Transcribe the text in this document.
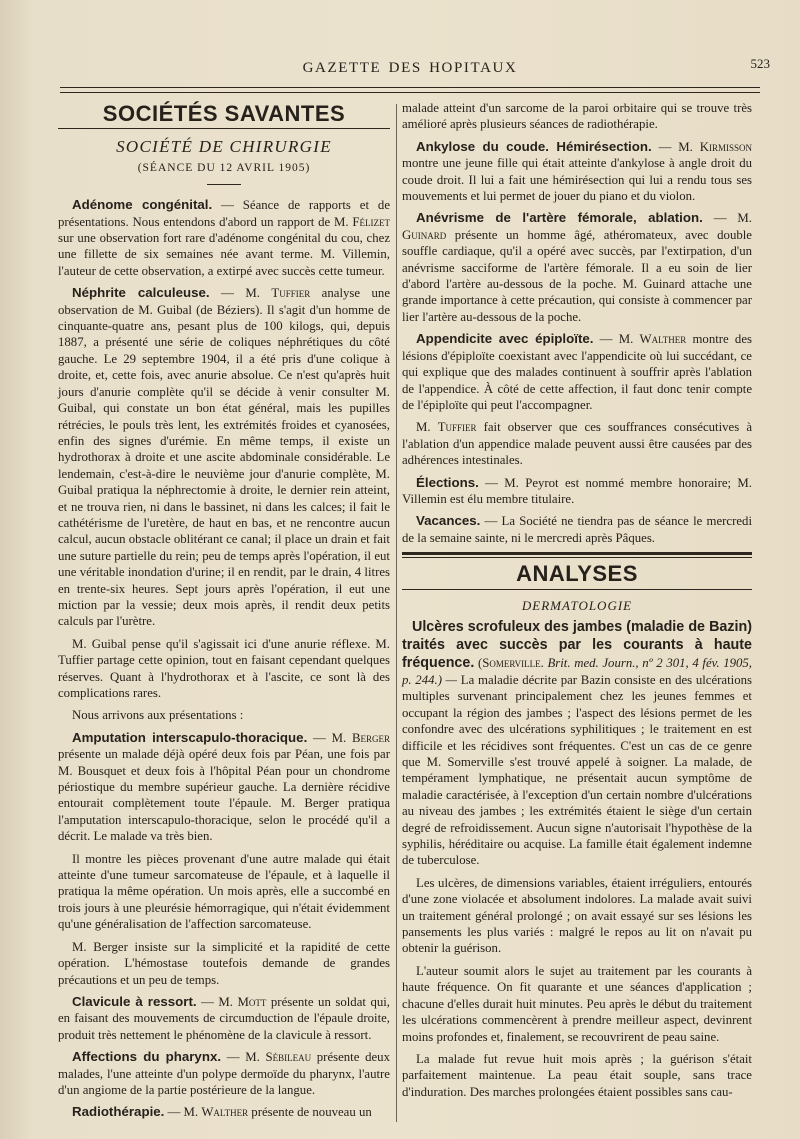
GAZETTE DES HOPITAUX	523
SOCIÉTÉS SAVANTES
SOCIÉTÉ DE CHIRURGIE
(SÉANCE DU 12 AVRIL 1905)

Adénome congénital. — Séance de rapports et de présentations. Nous entendons d'abord un rapport de M. Félizet sur une observation fort rare d'adénome congénital du cou, chez une fillette de six semaines née avant terme. M. Villemin, l'auteur de cette observation, a extirpé avec succès cette tumeur.

Néphrite calculeuse. — M. Tuffier analyse une observation de M. Guibal (de Béziers). Il s'agit d'un homme de cinquante-quatre ans, pesant plus de 100 kilogs, qui, depuis 1887, a présenté une série de coliques néphrétiques du côté gauche. Le 29 septembre 1904, il a été pris d'une colique à droite, et, cette fois, avec anurie absolue. Ce n'est qu'après huit jours d'anurie complète qu'il se décide à venir consulter M. Guibal, qui constate un bon état général, mais les pupilles rétrécies, le pouls très lent, les extrémités froides et cyanosées, enfin des signes d'urémie. En même temps, il existe un hydrothorax à droite et une ascite abdominale considérable. Le lendemain, c'est-à-dire le neuvième jour d'anurie complète, M. Guibal pratiqua la néphrectomie à droite, le dernier rein atteint, et ne trouva rien, ni dans le bassinet, ni dans les calces; il fait le cathétérisme de l'uretère, de haut en bas, et ne rencontre aucun calcul, aucun obstacle oblitérant ce canal; il place un drain et fait une suture partielle du rein; peu de temps après l'opération, il eut une véritable inondation d'urine; il en rendit, par le drain, 4 litres en trente-six heures. Sept jours après l'opération, il eut une miction par la vessie; deux mois après, il rendit deux petits calculs par l'urètre.

M. Guibal pense qu'il s'agissait ici d'une anurie réflexe. M. Tuffier partage cette opinion, tout en faisant cependant quelques réserves. Quant à l'hydrothorax et à l'ascite, ce sont là des complications rares.

Nous arrivons aux présentations :

Amputation interscapulo-thoracique. — M. Berger présente un malade déjà opéré deux fois par Péan, une fois par M. Bousquet et deux fois à l'hôpital Péan pour un chondrome périostique du membre supérieur gauche. La dernière récidive entourait complètement toute l'épaule. M. Berger pratiqua l'amputation interscapulo-thoracique, selon le procédé qu'il a décrit. Le malade va très bien.

Il montre les pièces provenant d'une autre malade qui était atteinte d'une tumeur sarcomateuse de l'épaule, et à laquelle il pratiqua la même opération. Un mois après, elle a succombé en trois jours à une pleurésie hémorragique, qui n'était évidemment qu'une généralisation de l'affection sarcomateuse.

M. Berger insiste sur la simplicité et la rapidité de cette opération. L'hémostase toutefois demande de grandes précautions et un peu de temps.

Clavicule à ressort. — M. Mott présente un soldat qui, en faisant des mouvements de circumduction de l'épaule droite, produit très nettement le phénomène de la clavicule à ressort.

Affections du pharynx. — M. Sébileau présente deux malades, l'une atteinte d'un polype dermoïde du pharynx, l'autre d'un angiome de la partie postérieure de la langue.

Radiothérapie. — M. Walther présente de nouveau un

malade atteint d'un sarcome de la paroi orbitaire qui se trouve très amélioré après plusieurs séances de radiothérapie.

Ankylose du coude. Hémirésection. — M. Kirmisson montre une jeune fille qui était atteinte d'ankylose à angle droit du coude droit. Il lui a fait une hémirésection qui lui a rendu tous ses mouvements et lui permet de jouer du piano et du violon.

Anévrisme de l'artère fémorale, ablation. — M. Guinard présente un homme âgé, athéromateux, avec double souffle cardiaque, qu'il a opéré avec succès, par l'extirpation, d'un anévrisme sacciforme de l'artère fémorale. Il a eu soin de lier d'abord l'artère au-dessous de la poche. M. Guinard attache une grande importance à cette précaution, qui consiste à commencer par lier l'artère au-dessous de la poche.

Appendicite avec épiploïte. — M. Walther montre des lésions d'épiploïte coexistant avec l'appendicite où lui succédant, ce qui explique que des malades continuent à souffrir après l'ablation de l'appendice. À côté de cette affection, il faut donc tenir compte de l'épiploïte qui peut l'accompagner.

M. Tuffier fait observer que ces souffrances consécutives à l'ablation d'un appendice malade peuvent aussi être causées par des adhérences intestinales.

Élections. — M. Peyrot est nommé membre honoraire; M. Villemin est élu membre titulaire.

Vacances. — La Société ne tiendra pas de séance le mercredi de la semaine sainte, ni le mercredi après Pâques.

ANALYSES
DERMATOLOGIE

Ulcères scrofuleux des jambes (maladie de Bazin) traités avec succès par les courants à haute fréquence. (Somerville. Brit. med. Journ., nº 2 301, 4 fév. 1905, p. 244.) — La maladie décrite par Bazin consiste en des ulcérations multiples survenant principalement chez les jeunes femmes et occupant la région des jambes ; l'aspect des lésions permet de les confondre avec des ulcérations syphilitiques ; le traitement en est difficile et les récidives sont fréquentes. C'est un cas de ce genre que M. Somerville s'est trouvé appelé à soigner. La malade, de tempérament lymphatique, ne présentait aucun symptôme de maladie caractérisée, à l'exception d'un certain nombre d'ulcérations au niveau des jambes ; les extrémités étaient le siège d'un certain degré de refroidissement. Aucun signe n'autorisait l'hypothèse de la syphilis, héréditaire ou acquise. La famille était également indemne de tuberculose.

Les ulcères, de dimensions variables, étaient irréguliers, entourés d'une zone violacée et absolument indolores. La malade avait suivi un traitement général prolongé ; on avait essayé sur ses lésions les pansements les plus variés : malgré le repos au lit on n'avait pu obtenir la guérison.

L'auteur soumit alors le sujet au traitement par les courants à haute fréquence. On fit quarante et une séances d'application ; chacune d'elles durait huit minutes. Peu après le début du traitement les ulcérations commencèrent à prendre meilleur aspect, devinrent moins profondes et, finalement, se recouvrirent de peau saine.

La malade fut revue huit mois après ; la guérison s'était parfaitement maintenue. La peau était souple, sans trace d'induration. Des marches prolongées étaient possibles sans cau-
